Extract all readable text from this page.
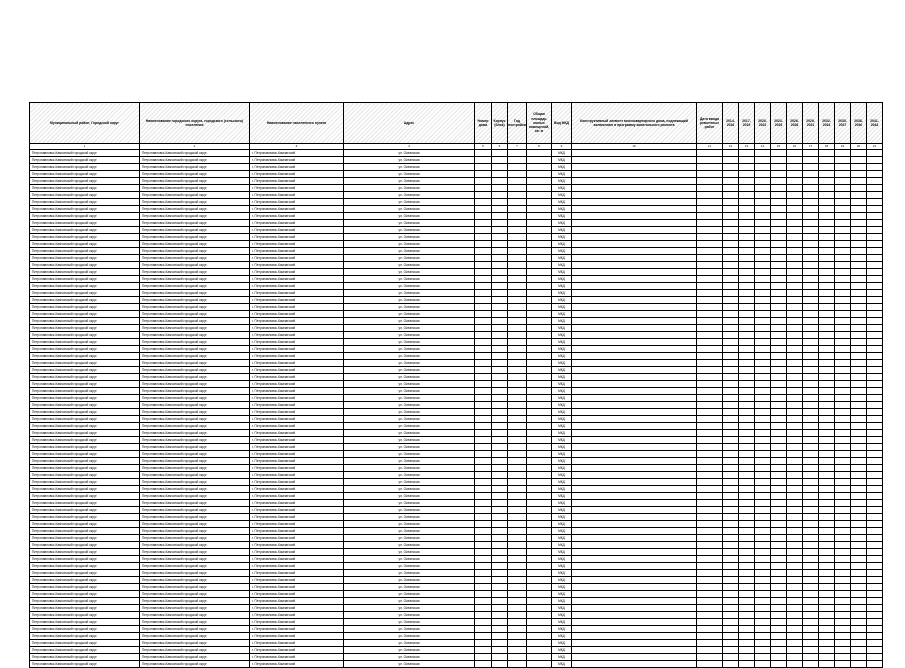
Муниципальный район, Городской округ	Наименование городского округа, городского (сельского) поселения	Наименование населенного пункта	Адрес	Номер дома	Корпус (блок)	Год постройки	Общая площадь жилых помещений, кв. м	Вид МКД	Конструктивный элемент многоквартирного дома, подлежащий включению в программу капитального ремонта	Дата ввода ремонтных работ	2014-2016	2017-2019	2020-2022	2023-2025	2026-2028	2029-2031	2032-2034	2035-2037	2038-2040	2041-2043
1	2	3	4	5	6	7	8	9	10	11	12	13	14	15	16	17	18	19	20	21
Петропавловск-Камчатский городской округ	Петропавловск-Камчатский городской округ	г. Петропавловск-Камчатский	ул. Океанская					МКД												
Петропавловск-Камчатский городской округ	Петропавловск-Камчатский городской округ	г. Петропавловск-Камчатский	ул. Океанская					МКД												
Петропавловск-Камчатский городской округ	Петропавловск-Камчатский городской округ	г. Петропавловск-Камчатский	ул. Океанская					МКД												
Петропавловск-Камчатский городской округ	Петропавловск-Камчатский городской округ	г. Петропавловск-Камчатский	ул. Океанская					МКД												
Петропавловск-Камчатский городской округ	Петропавловск-Камчатский городской округ	г. Петропавловск-Камчатский	ул. Океанская					МКД												
Петропавловск-Камчатский городской округ	Петропавловск-Камчатский городской округ	г. Петропавловск-Камчатский	ул. Океанская					МКД												
Петропавловск-Камчатский городской округ	Петропавловск-Камчатский городской округ	г. Петропавловск-Камчатский	ул. Океанская					МКД												
Петропавловск-Камчатский городской округ	Петропавловск-Камчатский городской округ	г. Петропавловск-Камчатский	ул. Океанская					МКД												
Петропавловск-Камчатский городской округ	Петропавловск-Камчатский городской округ	г. Петропавловск-Камчатский	ул. Океанская					МКД												
Петропавловск-Камчатский городской округ	Петропавловск-Камчатский городской округ	г. Петропавловск-Камчатский	ул. Океанская					МКД												
Петропавловск-Камчатский городской округ	Петропавловск-Камчатский городской округ	г. Петропавловск-Камчатский	ул. Океанская					МКД												
Петропавловск-Камчатский городской округ	Петропавловск-Камчатский городской округ	г. Петропавловск-Камчатский	ул. Океанская					МКД												
Петропавловск-Камчатский городской округ	Петропавловск-Камчатский городской округ	г. Петропавловск-Камчатский	ул. Океанская					МКД												
Петропавловск-Камчатский городской округ	Петропавловск-Камчатский городской округ	г. Петропавловск-Камчатский	ул. Океанская					МКД												
Петропавловск-Камчатский городской округ	Петропавловск-Камчатский городской округ	г. Петропавловск-Камчатский	ул. Океанская					МКД												
Петропавловск-Камчатский городской округ	Петропавловск-Камчатский городской округ	г. Петропавловск-Камчатский	ул. Океанская					МКД												
Петропавловск-Камчатский городской округ	Петропавловск-Камчатский городской округ	г. Петропавловск-Камчатский	ул. Океанская					МКД												
Петропавловск-Камчатский городской округ	Петропавловск-Камчатский городской округ	г. Петропавловск-Камчатский	ул. Океанская					МКД												
Петропавловск-Камчатский городской округ	Петропавловск-Камчатский городской округ	г. Петропавловск-Камчатский	ул. Океанская					МКД												
Петропавловск-Камчатский городской округ	Петропавловск-Камчатский городской округ	г. Петропавловск-Камчатский	ул. Океанская					МКД												
Петропавловск-Камчатский городской округ	Петропавловск-Камчатский городской округ	г. Петропавловск-Камчатский	ул. Океанская					МКД												
Петропавловск-Камчатский городской округ	Петропавловск-Камчатский городской округ	г. Петропавловск-Камчатский	ул. Океанская					МКД												
Петропавловск-Камчатский городской округ	Петропавловск-Камчатский городской округ	г. Петропавловск-Камчатский	ул. Океанская					МКД												
Петропавловск-Камчатский городской округ	Петропавловск-Камчатский городской округ	г. Петропавловск-Камчатский	ул. Океанская					МКД												
Петропавловск-Камчатский городской округ	Петропавловск-Камчатский городской округ	г. Петропавловск-Камчатский	ул. Океанская					МКД												
Петропавловск-Камчатский городской округ	Петропавловск-Камчатский городской округ	г. Петропавловск-Камчатский	ул. Океанская					МКД												
Петропавловск-Камчатский городской округ	Петропавловск-Камчатский городской округ	г. Петропавловск-Камчатский	ул. Океанская					МКД												
Петропавловск-Камчатский городской округ	Петропавловск-Камчатский городской округ	г. Петропавловск-Камчатский	ул. Океанская					МКД												
Петропавловск-Камчатский городской округ	Петропавловск-Камчатский городской округ	г. Петропавловск-Камчатский	ул. Океанская					МКД												
Петропавловск-Камчатский городской округ	Петропавловск-Камчатский городской округ	г. Петропавловск-Камчатский	ул. Океанская					МКД												
Петропавловск-Камчатский городской округ	Петропавловск-Камчатский городской округ	г. Петропавловск-Камчатский	ул. Океанская					МКД												
Петропавловск-Камчатский городской округ	Петропавловск-Камчатский городской округ	г. Петропавловск-Камчатский	ул. Океанская					МКД												
Петропавловск-Камчатский городской округ	Петропавловск-Камчатский городской округ	г. Петропавловск-Камчатский	ул. Океанская					МКД												
Петропавловск-Камчатский городской округ	Петропавловск-Камчатский городской округ	г. Петропавловск-Камчатский	ул. Океанская					МКД												
Петропавловск-Камчатский городской округ	Петропавловск-Камчатский городской округ	г. Петропавловск-Камчатский	ул. Океанская					МКД												
Петропавловск-Камчатский городской округ	Петропавловск-Камчатский городской округ	г. Петропавловск-Камчатский	ул. Океанская					МКД												
Петропавловск-Камчатский городской округ	Петропавловск-Камчатский городской округ	г. Петропавловск-Камчатский	ул. Океанская					МКД												
Петропавловск-Камчатский городской округ	Петропавловск-Камчатский городской округ	г. Петропавловск-Камчатский	ул. Океанская					МКД												
Петропавловск-Камчатский городской округ	Петропавловск-Камчатский городской округ	г. Петропавловск-Камчатский	ул. Океанская					МКД												
Петропавловск-Камчатский городской округ	Петропавловск-Камчатский городской округ	г. Петропавловск-Камчатский	ул. Океанская					МКД												
Петропавловск-Камчатский городской округ	Петропавловск-Камчатский городской округ	г. Петропавловск-Камчатский	ул. Океанская					МКД												
Петропавловск-Камчатский городской округ	Петропавловск-Камчатский городской округ	г. Петропавловск-Камчатский	ул. Океанская					МКД												
Петропавловск-Камчатский городской округ	Петропавловск-Камчатский городской округ	г. Петропавловск-Камчатский	ул. Океанская					МКД												
Петропавловск-Камчатский городской округ	Петропавловск-Камчатский городской округ	г. Петропавловск-Камчатский	ул. Океанская					МКД												
Петропавловск-Камчатский городской округ	Петропавловск-Камчатский городской округ	г. Петропавловск-Камчатский	ул. Океанская					МКД												
Петропавловск-Камчатский городской округ	Петропавловск-Камчатский городской округ	г. Петропавловск-Камчатский	ул. Океанская					МКД												
Петропавловск-Камчатский городской округ	Петропавловск-Камчатский городской округ	г. Петропавловск-Камчатский	ул. Океанская					МКД												
Петропавловск-Камчатский городской округ	Петропавловск-Камчатский городской округ	г. Петропавловск-Камчатский	ул. Океанская					МКД												
Петропавловск-Камчатский городской округ	Петропавловск-Камчатский городской округ	г. Петропавловск-Камчатский	ул. Океанская					МКД												
Петропавловск-Камчатский городской округ	Петропавловск-Камчатский городской округ	г. Петропавловск-Камчатский	ул. Океанская					МКД												
Петропавловск-Камчатский городской округ	Петропавловск-Камчатский городской округ	г. Петропавловск-Камчатский	ул. Океанская					МКД												
Петропавловск-Камчатский городской округ	Петропавловск-Камчатский городской округ	г. Петропавловск-Камчатский	ул. Океанская					МКД												
Петропавловск-Камчатский городской округ	Петропавловск-Камчатский городской округ	г. Петропавловск-Камчатский	ул. Океанская					МКД												
Петропавловск-Камчатский городской округ	Петропавловск-Камчатский городской округ	г. Петропавловск-Камчатский	ул. Океанская					МКД												
Петропавловск-Камчатский городской округ	Петропавловск-Камчатский городской округ	г. Петропавловск-Камчатский	ул. Океанская					МКД												
Петропавловск-Камчатский городской округ	Петропавловск-Камчатский городской округ	г. Петропавловск-Камчатский	ул. Океанская					МКД												
Петропавловск-Камчатский городской округ	Петропавловск-Камчатский городской округ	г. Петропавловск-Камчатский	ул. Океанская					МКД												
Петропавловск-Камчатский городской округ	Петропавловск-Камчатский городской округ	г. Петропавловск-Камчатский	ул. Океанская					МКД												
Петропавловск-Камчатский городской округ	Петропавловск-Камчатский городской округ	г. Петропавловск-Камчатский	ул. Океанская					МКД												
Петропавловск-Камчатский городской округ	Петропавловск-Камчатский городской округ	г. Петропавловск-Камчатский	ул. Океанская					МКД												
Петропавловск-Камчатский городской округ	Петропавловск-Камчатский городской округ	г. Петропавловск-Камчатский	ул. Океанская					МКД												
Петропавловск-Камчатский городской округ	Петропавловск-Камчатский городской округ	г. Петропавловск-Камчатский	ул. Океанская					МКД												
Петропавловск-Камчатский городской округ	Петропавловск-Камчатский городской округ	г. Петропавловск-Камчатский	ул. Океанская					МКД												
Петропавловск-Камчатский городской округ	Петропавловск-Камчатский городской округ	г. Петропавловск-Камчатский	ул. Океанская					МКД												
Петропавловск-Камчатский городской округ	Петропавловск-Камчатский городской округ	г. Петропавловск-Камчатский	ул. Океанская					МКД												
Петропавловск-Камчатский городской округ	Петропавловск-Камчатский городской округ	г. Петропавловск-Камчатский	ул. Океанская					МКД												
Петропавловск-Камчатский городской округ	Петропавловск-Камчатский городской округ	г. Петропавловск-Камчатский	ул. Океанская					МКД												
Петропавловск-Камчатский городской округ	Петропавловск-Камчатский городской округ	г. Петропавловск-Камчатский	ул. Океанская					МКД												
Петропавловск-Камчатский городской округ	Петропавловск-Камчатский городской округ	г. Петропавловск-Камчатский	ул. Океанская					МКД												
Петропавловск-Камчатский городской округ	Петропавловск-Камчатский городской округ	г. Петропавловск-Камчатский	ул. Океанская					МКД												
Петропавловск-Камчатский городской округ	Петропавловск-Камчатский городской округ	г. Петропавловск-Камчатский	ул. Океанская					МКД												
Петропавловск-Камчатский городской округ	Петропавловск-Камчатский городской округ	г. Петропавловск-Камчатский	ул. Океанская					МКД												
Петропавловск-Камчатский городской округ	Петропавловск-Камчатский городской округ	г. Петропавловск-Камчатский	ул. Океанская					МКД												
Петропавловск-Камчатский городской округ	Петропавловск-Камчатский городской округ	г. Петропавловск-Камчатский	ул. Океанская					МКД												
